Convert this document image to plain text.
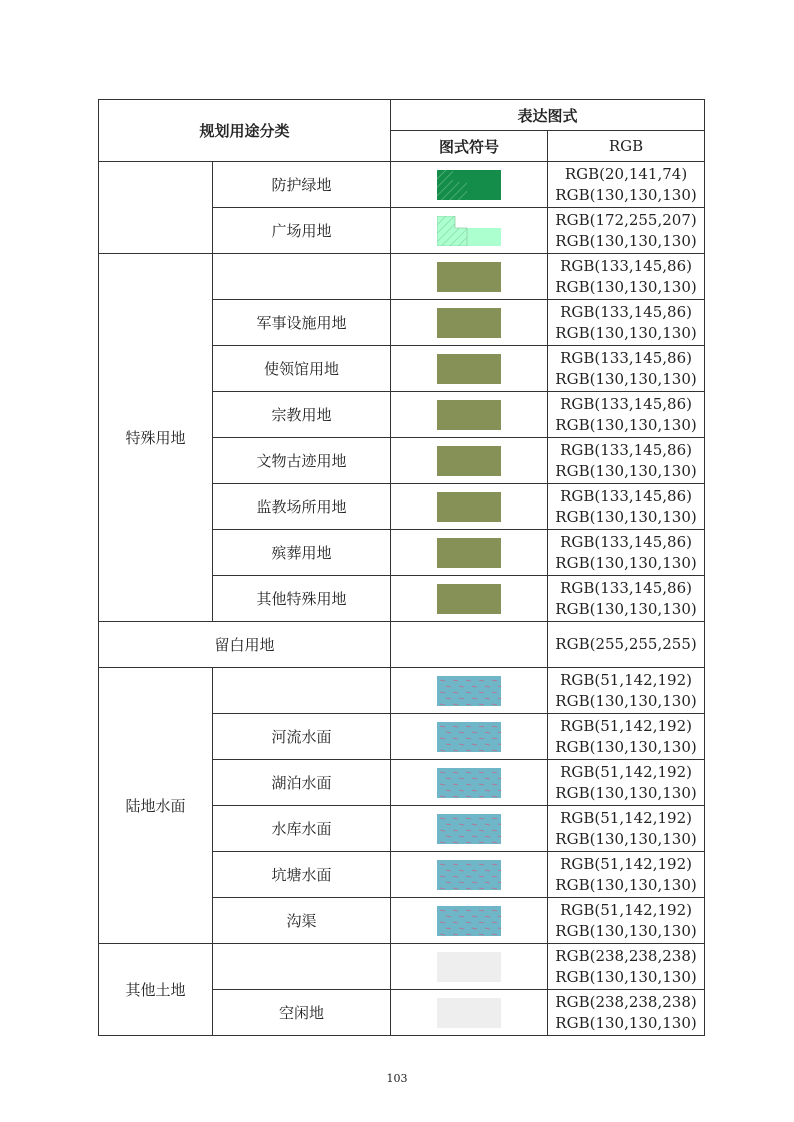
规划用途分类		表达图式	
		图式符号	RGB
	防护绿地		RGB(20,141,74)
RGB(130,130,130)

	广场用地		RGB(172,255,207)
RGB(130,130,130)

特殊用地			RGB(133,145,86)
RGB(130,130,130)

	军事设施用地		RGB(133,145,86)
RGB(130,130,130)

	使领馆用地		RGB(133,145,86)
RGB(130,130,130)

	宗教用地		RGB(133,145,86)
RGB(130,130,130)

	文物古迹用地		RGB(133,145,86)
RGB(130,130,130)

	监教场所用地		RGB(133,145,86)
RGB(130,130,130)

	殡葬用地		RGB(133,145,86)
RGB(130,130,130)

	其他特殊用地		RGB(133,145,86)
RGB(130,130,130)

留白用地			RGB(255,255,255)

陆地水面			RGB(51,142,192)
RGB(130,130,130)

	河流水面		RGB(51,142,192)
RGB(130,130,130)

	湖泊水面		RGB(51,142,192)
RGB(130,130,130)

	水库水面		RGB(51,142,192)
RGB(130,130,130)

	坑塘水面		RGB(51,142,192)
RGB(130,130,130)

	沟渠		RGB(51,142,192)
RGB(130,130,130)

其他土地			RGB(238,238,238)
RGB(130,130,130)

	空闲地		RGB(238,238,238)
RGB(130,130,130)
103
